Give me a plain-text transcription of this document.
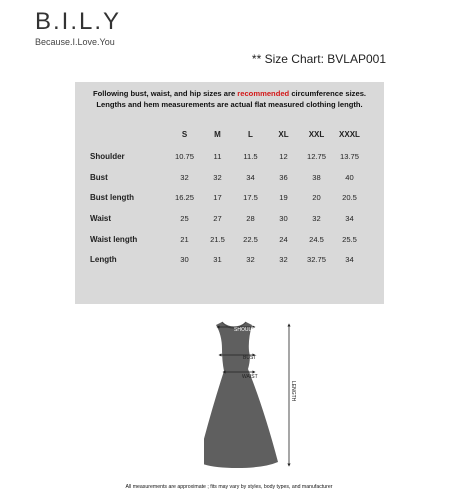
B.I.L.Y
Because.I.Love.You
** Size Chart: BVLAP001
Following bust, waist, and hip sizes are recommended circumference sizes.
Lengths and hem measurements are actual flat measured clothing length.
	S	M	L	XL	XXL	XXXL
Shoulder	10.75	11	11.5	12	12.75	13.75
Bust	32	32	34	36	38	40
Bust length	16.25	17	17.5	19	20	20.5
Waist	25	27	28	30	32	34
Waist length	21	21.5	22.5	24	24.5	25.5
Length	30	31	32	32	32.75	34
SHOULDER
BUST
WAIST
LENGTH
All measurements are approximate ; fits may vary by styles, body types, and manufacturer
